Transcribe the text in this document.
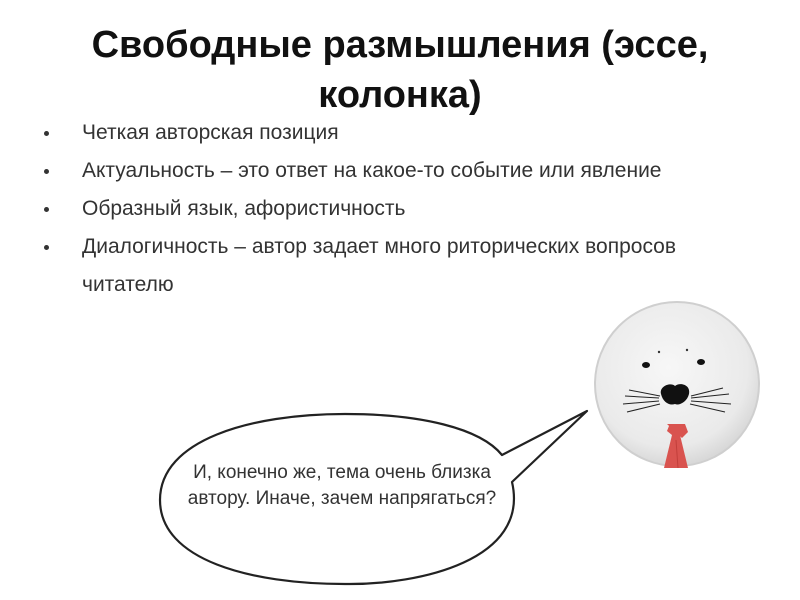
Свободные размышления (эссе, колонка)
Четкая авторская позиция
Актуальность – это ответ на какое-то событие или явление
Образный язык, афористичность
Диалогичность – автор задает много риторических вопросов читателю
И, конечно же, тема очень близка автору. Иначе, зачем напрягаться?
